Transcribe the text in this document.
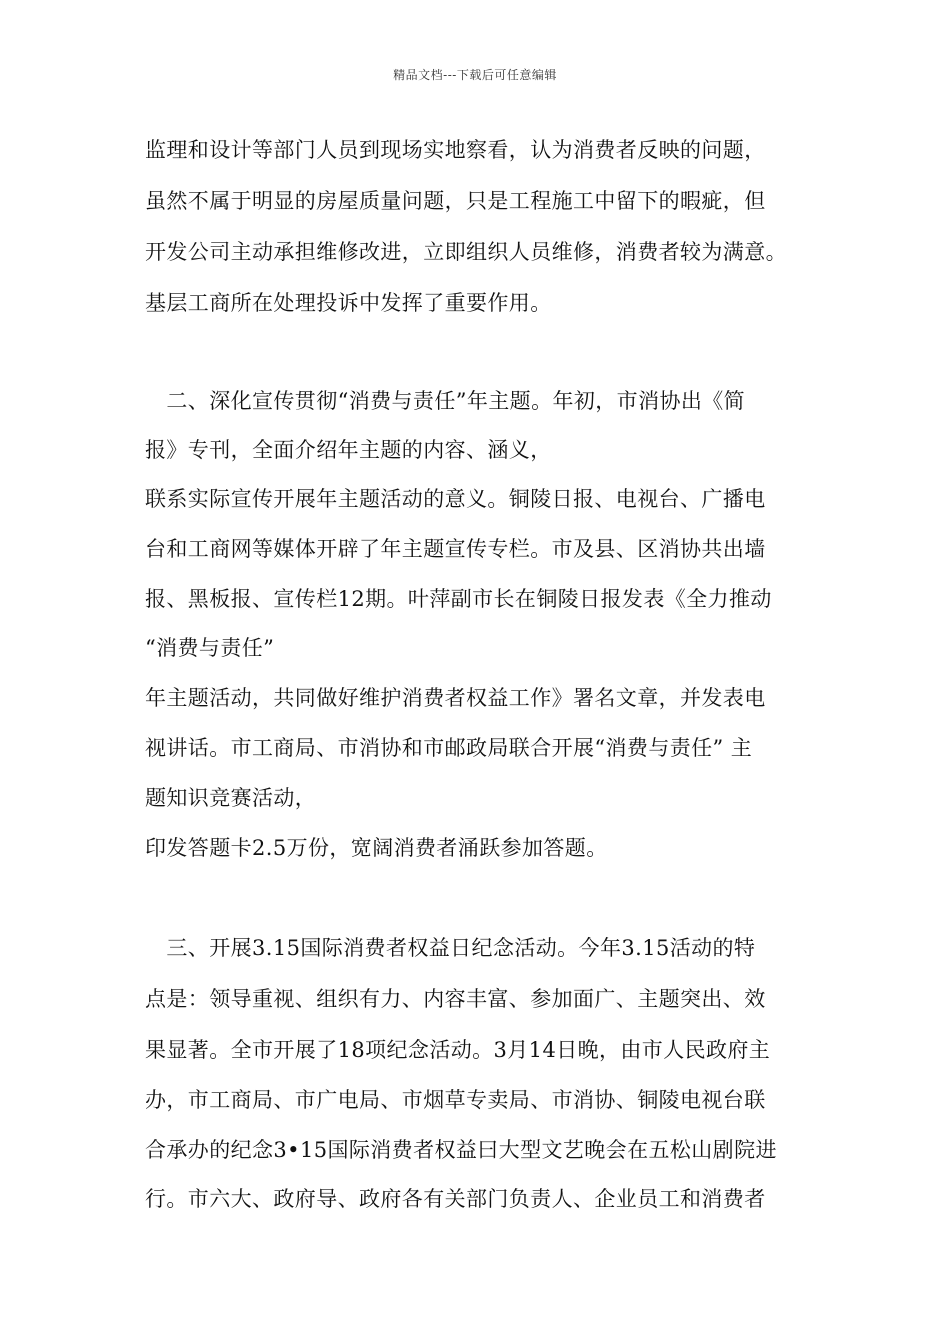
精品文档---下载后可任意编辑
监理和设计等部门人员到现场实地察看，认为消费者反映的问题，
虽然不属于明显的房屋质量问题，只是工程施工中留下的暇疵，但
开发公司主动承担维修改进，立即组织人员维修，消费者较为满意。
基层工商所在处理投诉中发挥了重要作用。
　二、深化宣传贯彻“消费与责任”年主题。年初，市消协出《简
报》专刊，全面介绍年主题的内容、涵义，
联系实际宣传开展年主题活动的意义。铜陵日报、电视台、广播电
台和工商网等媒体开辟了年主题宣传专栏。市及县、区消协共出墙
报、黑板报、宣传栏12期。叶萍副市长在铜陵日报发表《全力推动
“消费与责任”
年主题活动，共同做好维护消费者权益工作》署名文章，并发表电
视讲话。市工商局、市消协和市邮政局联合开展“消费与责任” 主
题知识竞赛活动，
印发答题卡2.5万份，宽阔消费者涌跃参加答题。
　三、开展3.15国际消费者权益日纪念活动。今年3.15活动的特
点是：领导重视、组织有力、内容丰富、参加面广、主题突出、效
果显著。全市开展了18项纪念活动。3月14日晚，由市人民政府主
办，市工商局、市广电局、市烟草专卖局、市消协、铜陵电视台联
合承办的纪念3•15国际消费者权益曰大型文艺晚会在五松山剧院进
行。市六大、政府导、政府各有关部门负责人、企业员工和消费者
